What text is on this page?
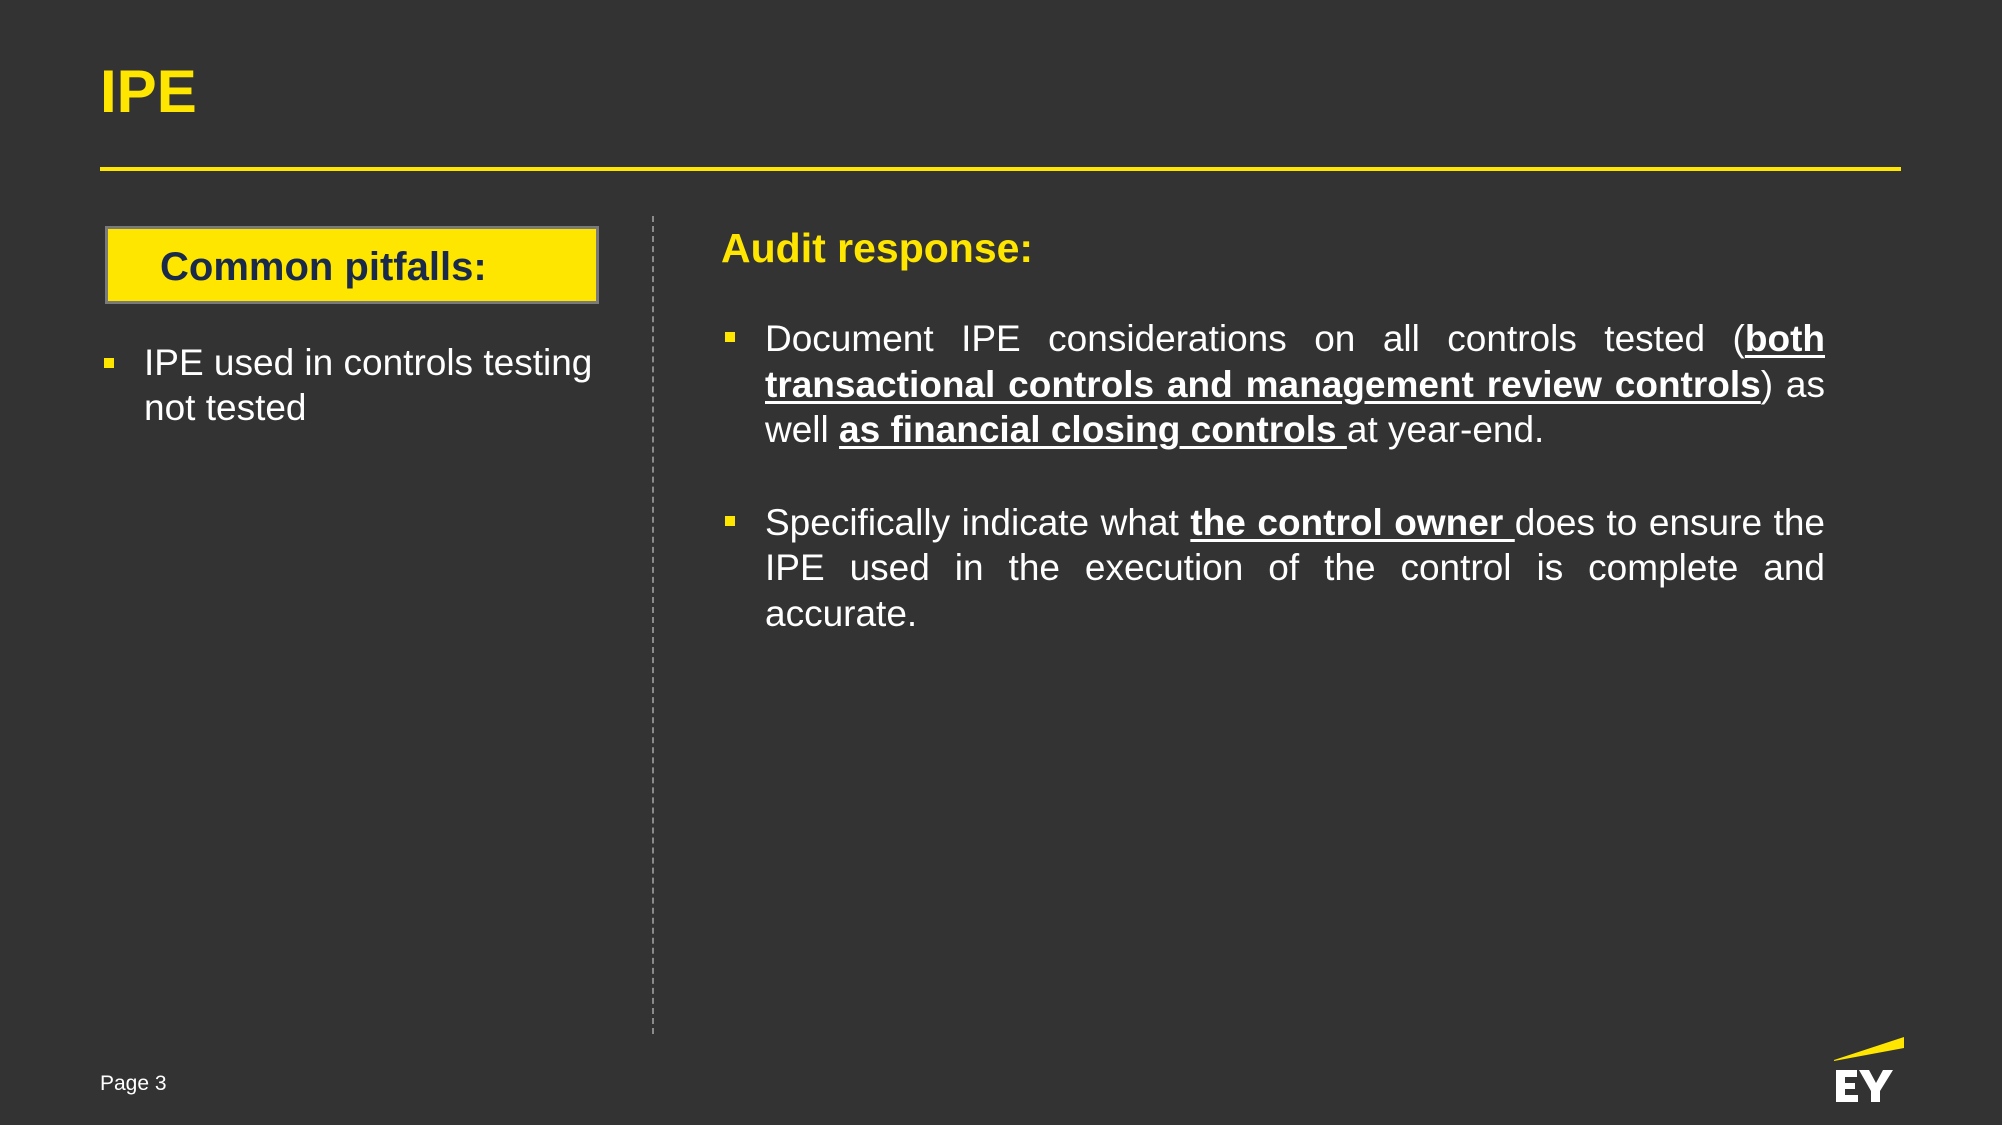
IPE
Common pitfalls:
IPE used in controls testing not tested
Audit response:
Document IPE considerations on all controls tested (both transactional controls and management review controls) as well as financial closing controls at year-end.
Specifically indicate what the control owner does to ensure the IPE used in the execution of the control is complete and accurate.
Page 3
